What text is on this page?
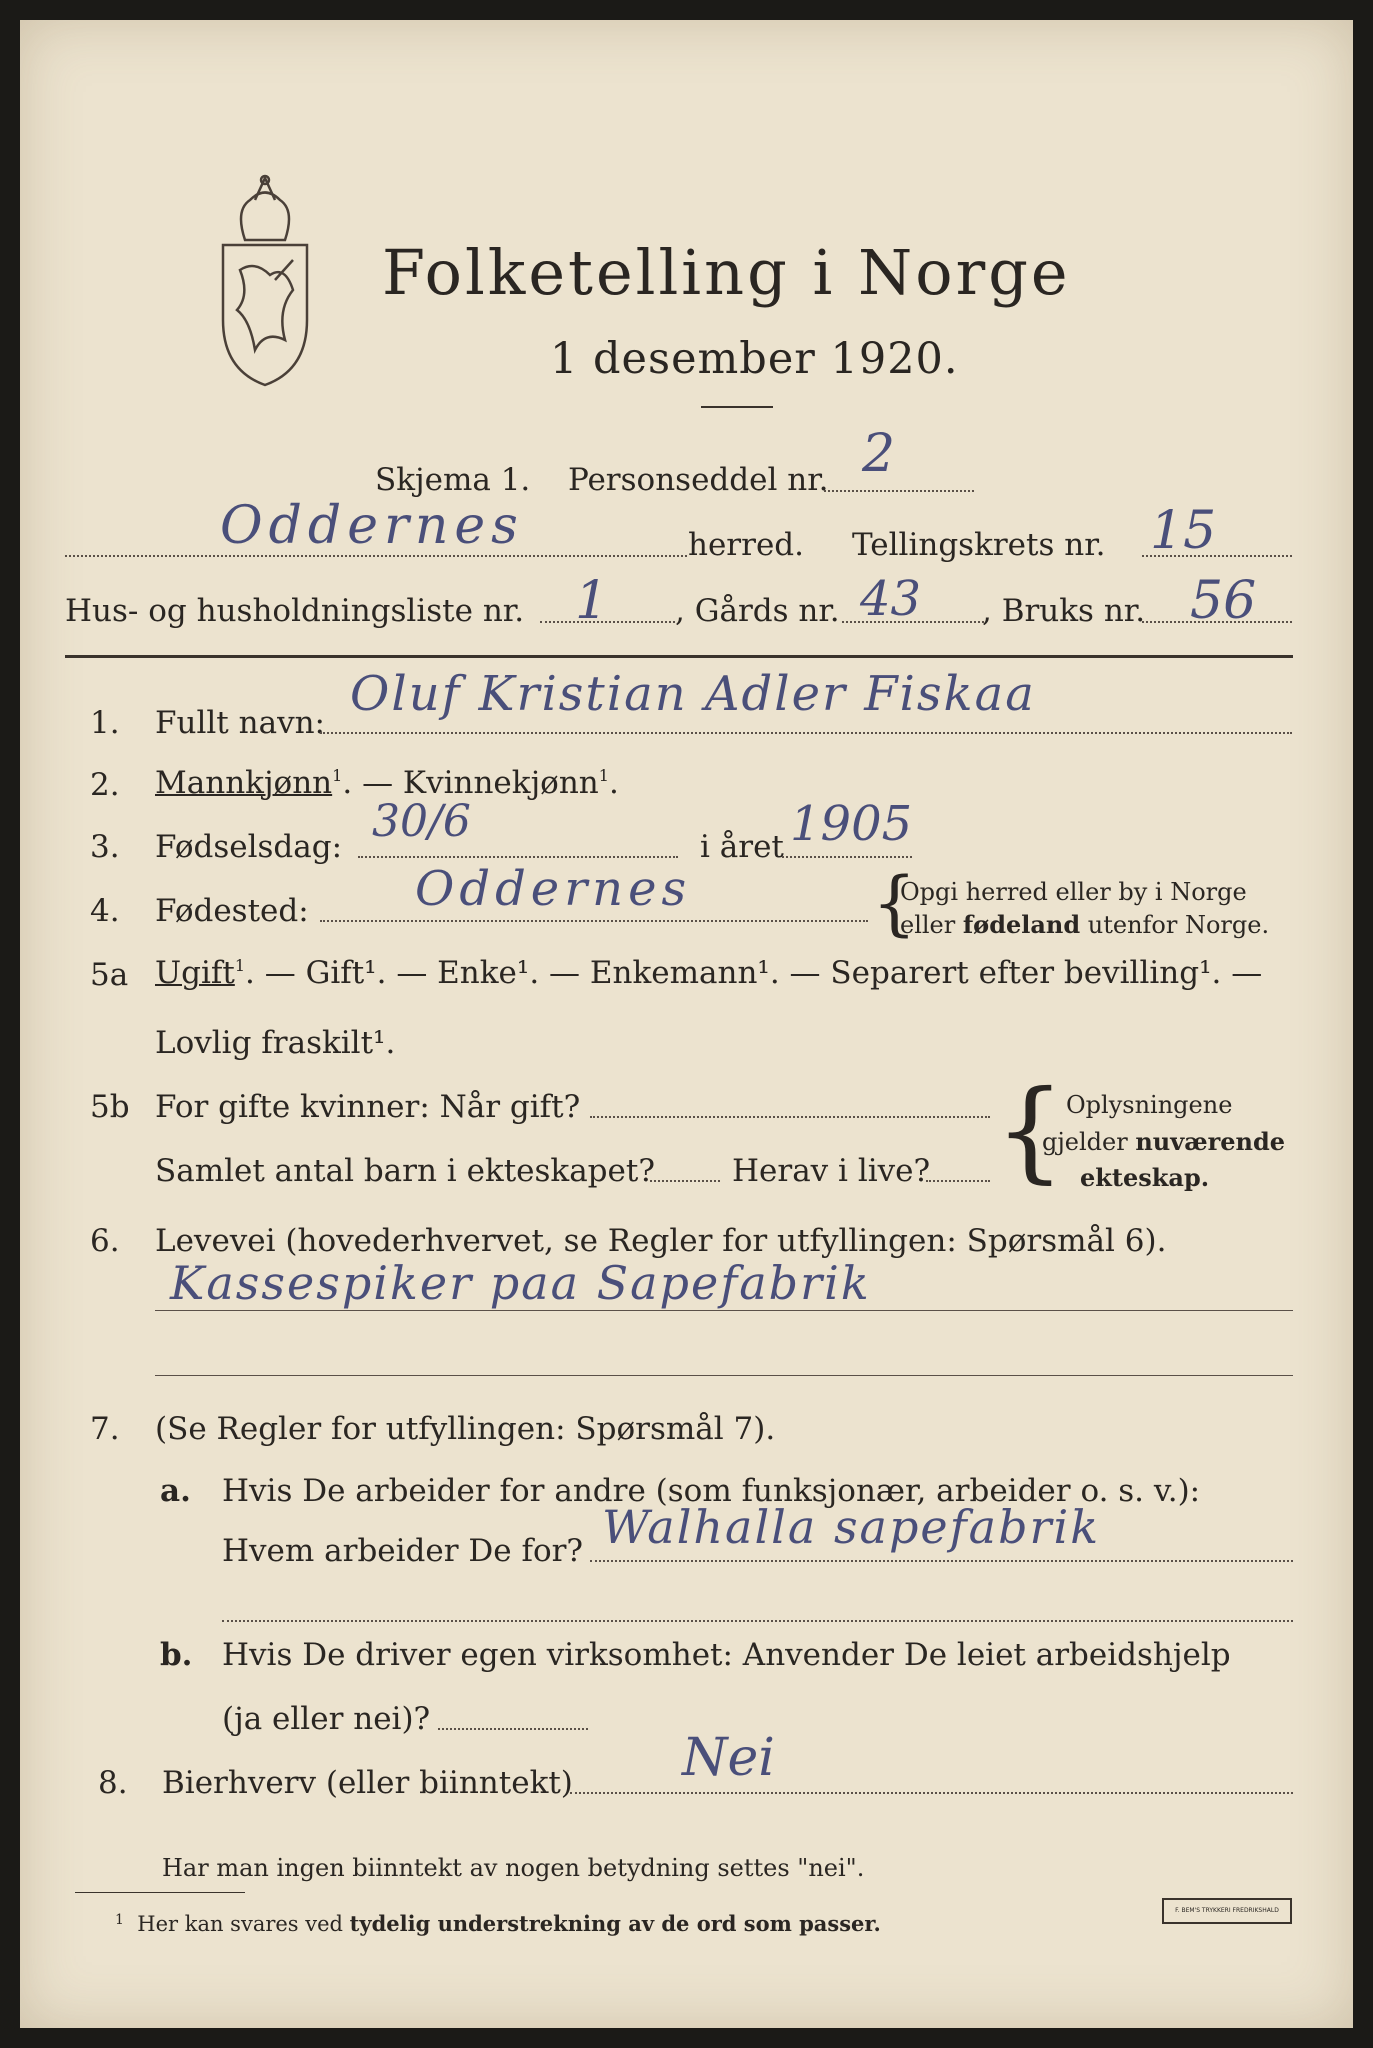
Folketelling i Norge
1 desember 1920.
Skjema 1. Personseddel nr. 2
Oddernes	herred. Tellingskrets nr. 15
Hus- og husholdningsliste nr. 1 , Gårds nr. 43 , Bruks nr. 56
1. Fullt navn:
Oluf Kristian Adler Fiskaa
2. Mannkjønn$^1$. — Kvinnekjønn$^1$.
3. Fødselsdag: 30/6	i året 1905
4. Fødested: Oddernes	{
Opgi herred eller by i Norge
eller fødeland utenfor Norge.
5a Ugift$^1$. — Gift¹. — Enke¹. — Enkemann¹. — Separert efter bevilling¹. —
Lovlig fraskilt¹.
5b For gifte kvinner: Når gift?
Samlet antal barn i ekteskapet? Herav i live? { Oplysningene
gjelder nuværende
ekteskap.
6. Levevei (hovederhvervet, se Regler for utfyllingen: Spørsmål 6).
Kassespiker paa Sapefabrik
7. (Se Regler for utfyllingen: Spørsmål 7).
a. Hvis De arbeider for andre (som funksjonær, arbeider o. s. v.):
Hvem arbeider De for? Walhalla sapefabrik
b. Hvis De driver egen virksomhet: Anvender De leiet arbeidshjelp
(ja eller nei)?
8. Bierhverv (eller biinntekt) Nei
Har man ingen biinntekt av nogen betydning settes "nei".
$^1$ Her kan svares ved tydelig understrekning av de ord som passer.
F. BEM'S TRYKKERI FREDRIKSHALD
